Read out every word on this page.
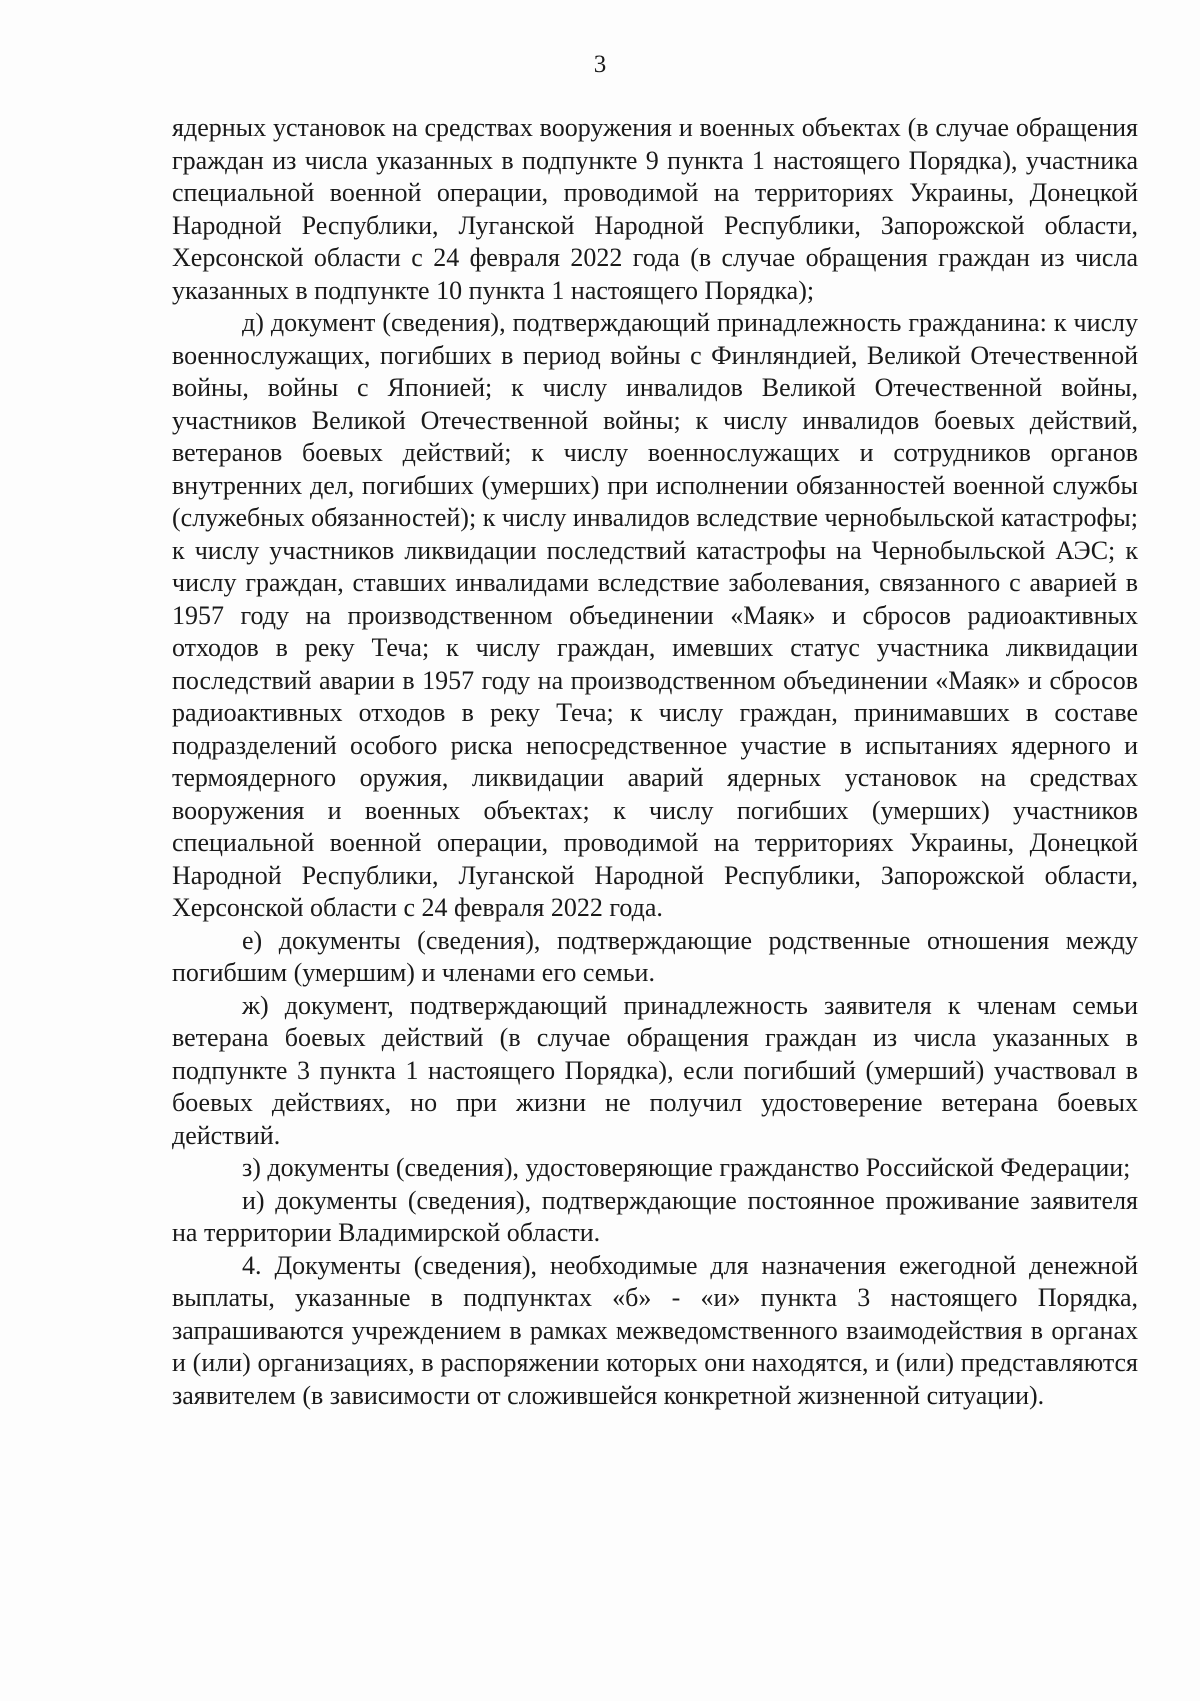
3

ядерных установок на средствах вооружения и военных объектах (в случае обращения граждан из числа указанных в подпункте 9 пункта 1 настоящего Порядка), участника специальной военной операции, проводимой на территориях Украины, Донецкой Народной Республики, Луганской Народной Республики, Запорожской области, Херсонской области с 24 февраля 2022 года (в случае обращения граждан из числа указанных в подпункте 10 пункта 1 настоящего Порядка);

д) документ (сведения), подтверждающий принадлежность гражданина: к числу военнослужащих, погибших в период войны с Финляндией, Великой Отечественной войны, войны с Японией; к числу инвалидов Великой Отечественной войны, участников Великой Отечественной войны; к числу инвалидов боевых действий, ветеранов боевых действий; к числу военнослужащих и сотрудников органов внутренних дел, погибших (умерших) при исполнении обязанностей военной службы (служебных обязанностей); к числу инвалидов вследствие чернобыльской катастрофы; к числу участников ликвидации последствий катастрофы на Чернобыльской АЭС; к числу граждан, ставших инвалидами вследствие заболевания, связанного с аварией в 1957 году на производственном объединении «Маяк» и сбросов радиоактивных отходов в реку Теча; к числу граждан, имевших статус участника ликвидации последствий аварии в 1957 году на производственном объединении «Маяк» и сбросов радиоактивных отходов в реку Теча; к числу граждан, принимавших в составе подразделений особого риска непосредственное участие в испытаниях ядерного и термоядерного оружия, ликвидации аварий ядерных установок на средствах вооружения и военных объектах; к числу погибших (умерших) участников специальной военной операции, проводимой на территориях Украины, Донецкой Народной Республики, Луганской Народной Республики, Запорожской области, Херсонской области с 24 февраля 2022 года.

е) документы (сведения), подтверждающие родственные отношения между погибшим (умершим) и членами его семьи.

ж) документ, подтверждающий принадлежность заявителя к членам семьи ветерана боевых действий (в случае обращения граждан из числа указанных в подпункте 3 пункта 1 настоящего Порядка), если погибший (умерший) участвовал в боевых действиях, но при жизни не получил удостоверение ветерана боевых действий.

з) документы (сведения), удостоверяющие гражданство Российской Федерации;

и) документы (сведения), подтверждающие постоянное проживание заявителя на территории Владимирской области.

4. Документы (сведения), необходимые для назначения ежегодной денежной выплаты, указанные в подпунктах «б» - «и» пункта 3 настоящего Порядка, запрашиваются учреждением в рамках межведомственного взаимодействия в органах и (или) организациях, в распоряжении которых они находятся, и (или) представляются заявителем (в зависимости от сложившейся конкретной жизненной ситуации).
